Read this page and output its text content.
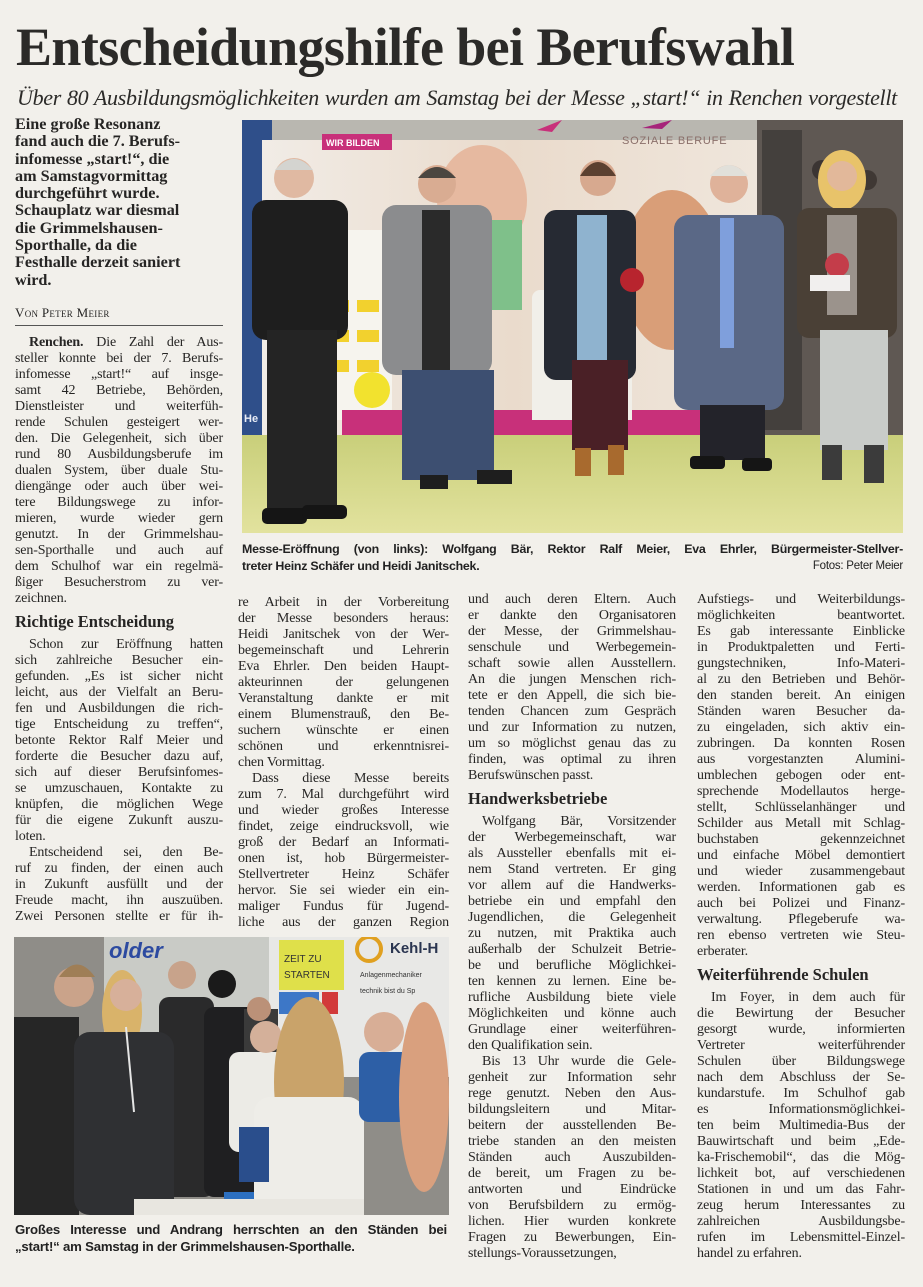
Entscheidungshilfe bei Berufswahl
Über 80 Ausbildungsmöglichkeiten wurden am Samstag bei der Messe „start!“ in Renchen vorgestellt
Eine große Resonanz
fand auch die 7. Berufs-
infomesse „start!“, die
am Samstagvormittag
durchgeführt wurde.
Schauplatz war diesmal
die Grimmelshausen-
Sporthalle, da die
Festhalle derzeit saniert
wird.
Von Peter Meier
Renchen. Die Zahl der Aus-
steller konnte bei der 7. Berufs-
infomesse „start!“ auf insge-
samt 42 Betriebe, Behörden,
Dienstleister und weiterfüh-
rende Schulen gesteigert wer-
den. Die Gelegenheit, sich über
rund 80 Ausbildungsberufe im
dualen System, über duale Stu-
diengänge oder auch über wei-
tere Bildungswege zu infor-
mieren, wurde wieder gern
genutzt. In der Grimmelshau-
sen-Sporthalle und auch auf
dem Schulhof war ein regelmä-
ßiger Besucherstrom zu ver-
zeichnen.
Richtige Entscheidung
Schon zur Eröffnung hatten
sich zahlreiche Besucher ein-
gefunden. „Es ist sicher nicht
leicht, aus der Vielfalt an Beru-
fen und Ausbildungen die rich-
tige Entscheidung zu treffen“,
betonte Rektor Ralf Meier und
forderte die Besucher dazu auf,
sich auf dieser Berufsinfomes-
se umzuschauen, Kontakte zu
knüpfen, die möglichen Wege
für die eigene Zukunft auszu-
loten.
Entscheidend sei, den Be-
ruf zu finden, der einen auch
in Zukunft ausfüllt und der
Freude macht, ihn auszuüben.
Zwei Personen stellte er für ih-
re Arbeit in der Vorbereitung
der Messe besonders heraus:
Heidi Janitschek von der Wer-
begemeinschaft und Lehrerin
Eva Ehrler. Den beiden Haupt-
akteurinnen der gelungenen
Veranstaltung dankte er mit
einem Blumenstrauß, den Be-
suchern wünschte er einen
schönen und erkenntnisrei-
chen Vormittag.
Dass diese Messe bereits
zum 7. Mal durchgeführt wird
und wieder großes Interesse
findet, zeige eindrucksvoll, wie
groß der Bedarf an Informati-
onen ist, hob Bürgermeister-
Stellvertreter Heinz Schäfer
hervor. Sie sei wieder ein ein-
maliger Fundus für Jugend-
liche aus der ganzen Region
und auch deren Eltern. Auch
er dankte den Organisatoren
der Messe, der Grimmelshau-
senschule und Werbegemein-
schaft sowie allen Ausstellern.
An die jungen Menschen rich-
tete er den Appell, die sich bie-
tenden Chancen zum Gespräch
und zur Information zu nutzen,
um so möglichst genau das zu
finden, was optimal zu ihren
Berufswünschen passt.
Handwerksbetriebe
Wolfgang Bär, Vorsitzender
der Werbegemeinschaft, war
als Aussteller ebenfalls mit ei-
nem Stand vertreten. Er ging
vor allem auf die Handwerks-
betriebe ein und empfahl den
Jugendlichen, die Gelegenheit
zu nutzen, mit Praktika auch
außerhalb der Schulzeit Betrie-
be und berufliche Möglichkei-
ten kennen zu lernen. Eine be-
rufliche Ausbildung biete viele
Möglichkeiten und könne auch
Grundlage einer weiterführen-
den Qualifikation sein.
Bis 13 Uhr wurde die Gele-
genheit zur Information sehr
rege genutzt. Neben den Aus-
bildungsleitern und Mitar-
beitern der ausstellenden Be-
triebe standen an den meisten
Ständen auch Auszubilden-
de bereit, um Fragen zu be-
antworten und Eindrücke
von Berufsbildern zu ermög-
lichen. Hier wurden konkrete
Fragen zu Bewerbungen, Ein-
stellungs-Voraussetzungen,
Aufstiegs- und Weiterbildungs-
möglichkeiten beantwortet.
Es gab interessante Einblicke
in Produktpaletten und Ferti-
gungstechniken, Info-Materi-
al zu den Betrieben und Behör-
den standen bereit. An einigen
Ständen waren Besucher da-
zu eingeladen, sich aktiv ein-
zubringen. Da konnten Rosen
aus vorgestanzten Alumini-
umblechen gebogen oder ent-
sprechende Modellautos herge-
stellt, Schlüsselanhänger und
Schilder aus Metall mit Schlag-
buchstaben gekennzeichnet
und einfache Möbel demontiert
und wieder zusammengebaut
werden. Informationen gab es
auch bei Polizei und Finanz-
verwaltung. Pflegeberufe wa-
ren ebenso vertreten wie Steu-
erberater.
Weiterführende Schulen
Im Foyer, in dem auch für
die Bewirtung der Besucher
gesorgt wurde, informierten
Vertreter weiterführender
Schulen über Bildungswege
nach dem Abschluss der Se-
kundarstufe. Im Schulhof gab
es Informationsmöglichkei-
ten beim Multimedia-Bus der
Bauwirtschaft und beim „Ede-
ka-Frischemobil“, das die Mög-
lichkeit bot, auf verschiedenen
Stationen in und um das Fahr-
zeug herum Interessantes zu
zahlreichen Ausbildungsbe-
rufen im Lebensmittel-Einzel-
handel zu erfahren.
WIR BILDEN
He
SOZIALE BERUFE
Messe-Eröffnung (von links): Wolfgang Bär, Rektor Ralf Meier, Eva Ehrler, Bürgermeister-Stellver-
treter Heinz Schäfer und Heidi Janitschek.	Fotos: Peter Meier
older	ZEIT ZU
STARTEN
Kehl-H
Anlagenmechaniker
technik bist du Sp
Großes Interesse und Andrang herrschten an den Ständen bei
„start!“ am Samstag in der Grimmelshausen-Sporthalle.
